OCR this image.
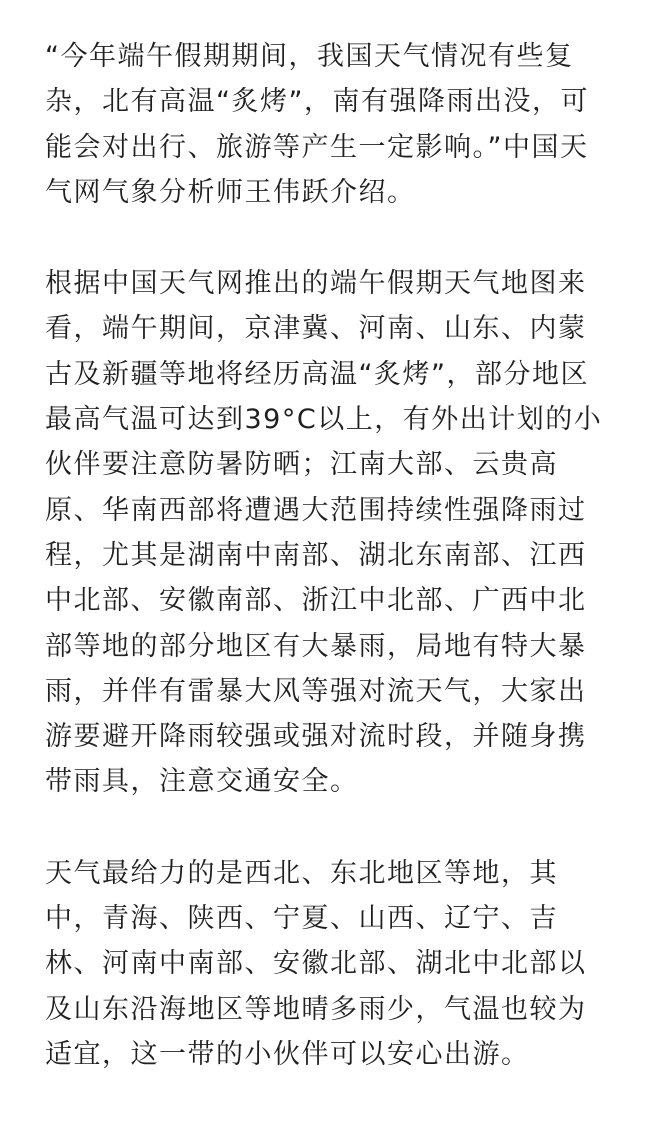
“今年端午假期期间，我国天气情况有些复
杂，北有高温“炙烤”，南有强降雨出没，可
能会对出行、旅游等产生一定影响。”中国天
气网气象分析师王伟跃介绍。

根据中国天气网推出的端午假期天气地图来
看，端午期间，京津冀、河南、山东、内蒙
古及新疆等地将经历高温“炙烤”，部分地区
最高气温可达到39°C以上，有外出计划的小
伙伴要注意防暑防晒；江南大部、云贵高
原、华南西部将遭遇大范围持续性强降雨过
程，尤其是湖南中南部、湖北东南部、江西
中北部、安徽南部、浙江中北部、广西中北
部等地的部分地区有大暴雨，局地有特大暴
雨，并伴有雷暴大风等强对流天气，大家出
游要避开降雨较强或强对流时段，并随身携
带雨具，注意交通安全。

天气最给力的是西北、东北地区等地，其
中，青海、陕西、宁夏、山西、辽宁、吉
林、河南中南部、安徽北部、湖北中北部以
及山东沿海地区等地晴多雨少，气温也较为
适宜，这一带的小伙伴可以安心出游。
